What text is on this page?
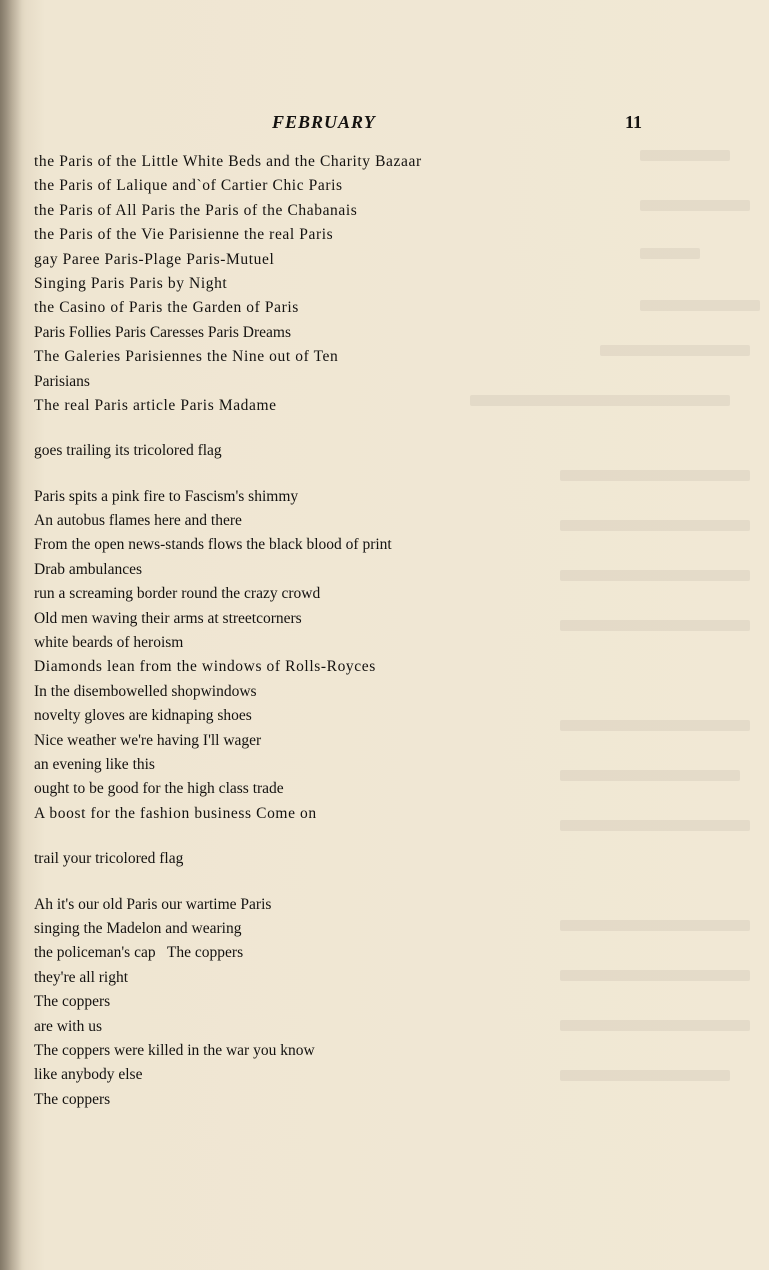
FEBRUARY	11
the Paris of the Little White Beds and the Charity Bazaar
the Paris of Lalique and`of Cartier Chic Paris
the Paris of All Paris the Paris of the Chabanais
the Paris of the Vie Parisienne the real Paris
gay Paree Paris-Plage Paris-Mutuel
Singing Paris Paris by Night
the Casino of Paris the Garden of Paris
Paris Follies Paris Caresses Paris Dreams
The Galeries Parisiennes the Nine out of Ten
Parisians
The real Paris article Paris Madame
goes trailing its tricolored flag
Paris spits a pink fire to Fascism's shimmy
An autobus flames here and there
From the open news-stands flows the black blood of print
Drab ambulances
run a screaming border round the crazy crowd
Old men waving their arms at streetcorners
white beards of heroism
Diamonds lean from the windows of Rolls-Royces
In the disembowelled shopwindows
novelty gloves are kidnaping shoes
Nice weather we're having I'll wager
an evening like this
ought to be good for the high class trade
A boost for the fashion business Come on
trail your tricolored flag
Ah it's our old Paris our wartime Paris
singing the Madelon and wearing
the policeman's cap   The coppers
they're all right
The coppers
are with us
The coppers were killed in the war you know
like anybody else
The coppers
